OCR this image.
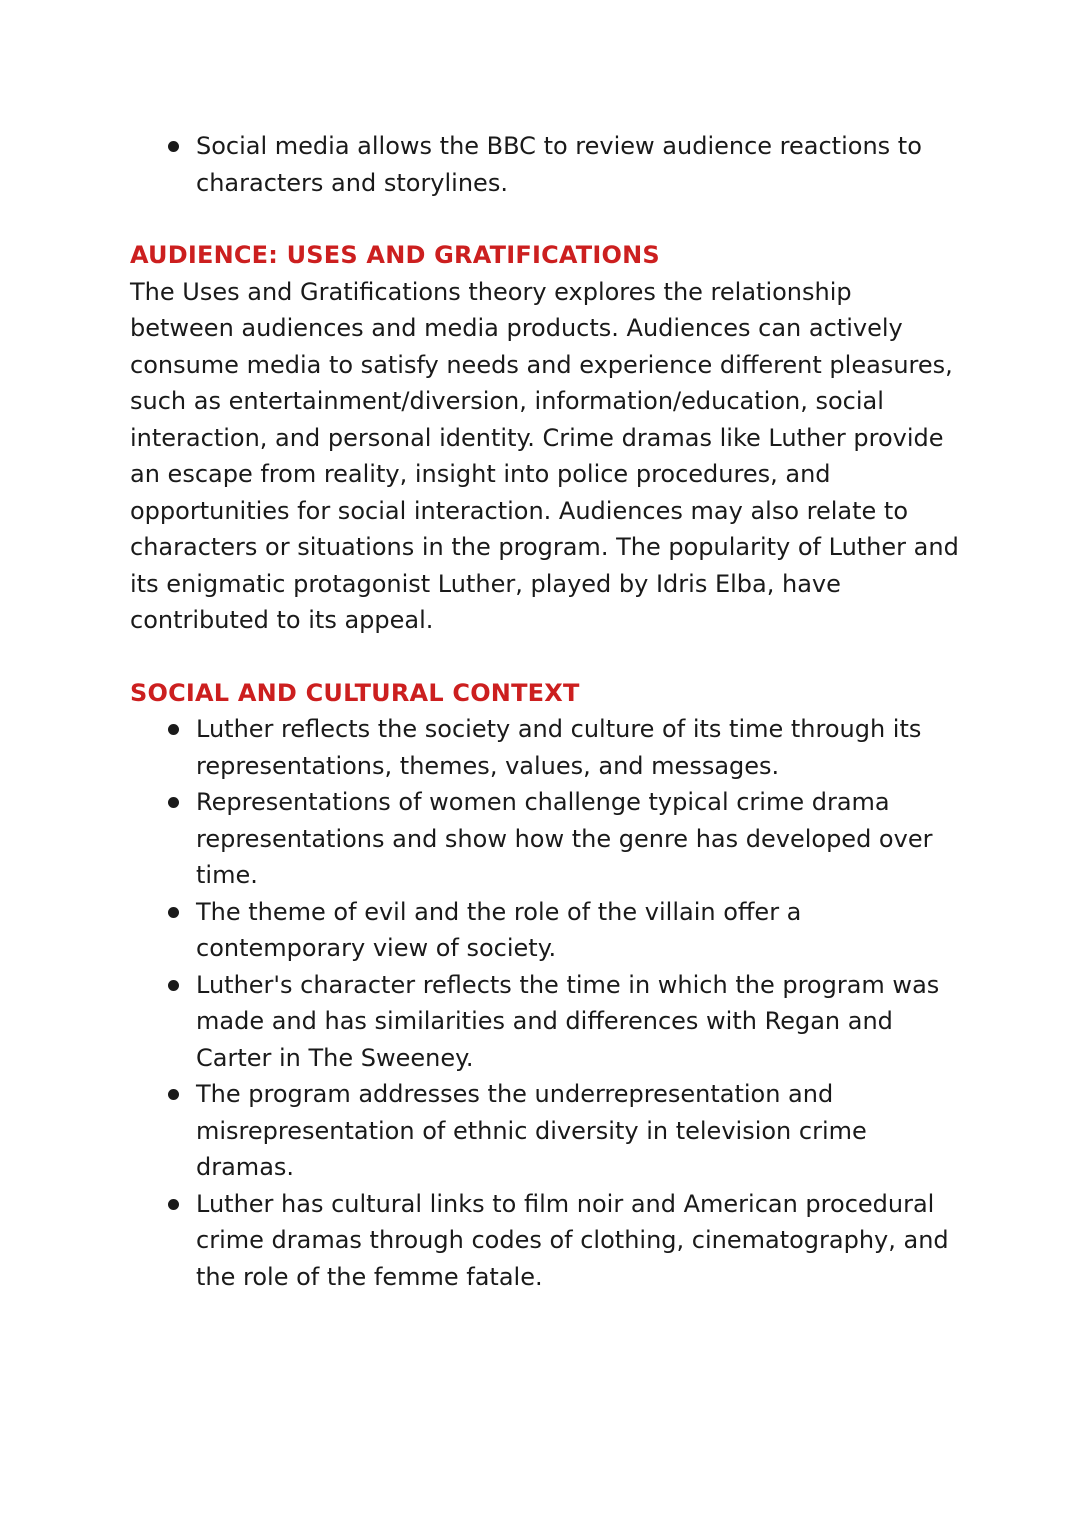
Social media allows the BBC to review audience reactions to characters and storylines.
AUDIENCE: USES AND GRATIFICATIONS

The Uses and Gratifications theory explores the relationship between audiences and media products. Audiences can actively consume media to satisfy needs and experience different pleasures, such as entertainment/diversion, information/education, social interaction, and personal identity. Crime dramas like Luther provide an escape from reality, insight into police procedures, and opportunities for social interaction. Audiences may also relate to characters or situations in the program. The popularity of Luther and its enigmatic protagonist Luther, played by Idris Elba, have contributed to its appeal.

SOCIAL AND CULTURAL CONTEXT
Luther reflects the society and culture of its time through its representations, themes, values, and messages.
Representations of women challenge typical crime drama representations and show how the genre has developed over time.
The theme of evil and the role of the villain offer a contemporary view of society.
Luther's character reflects the time in which the program was made and has similarities and differences with Regan and Carter in The Sweeney.
The program addresses the underrepresentation and misrepresentation of ethnic diversity in television crime dramas.
Luther has cultural links to film noir and American procedural crime dramas through codes of clothing, cinematography, and the role of the femme fatale.
